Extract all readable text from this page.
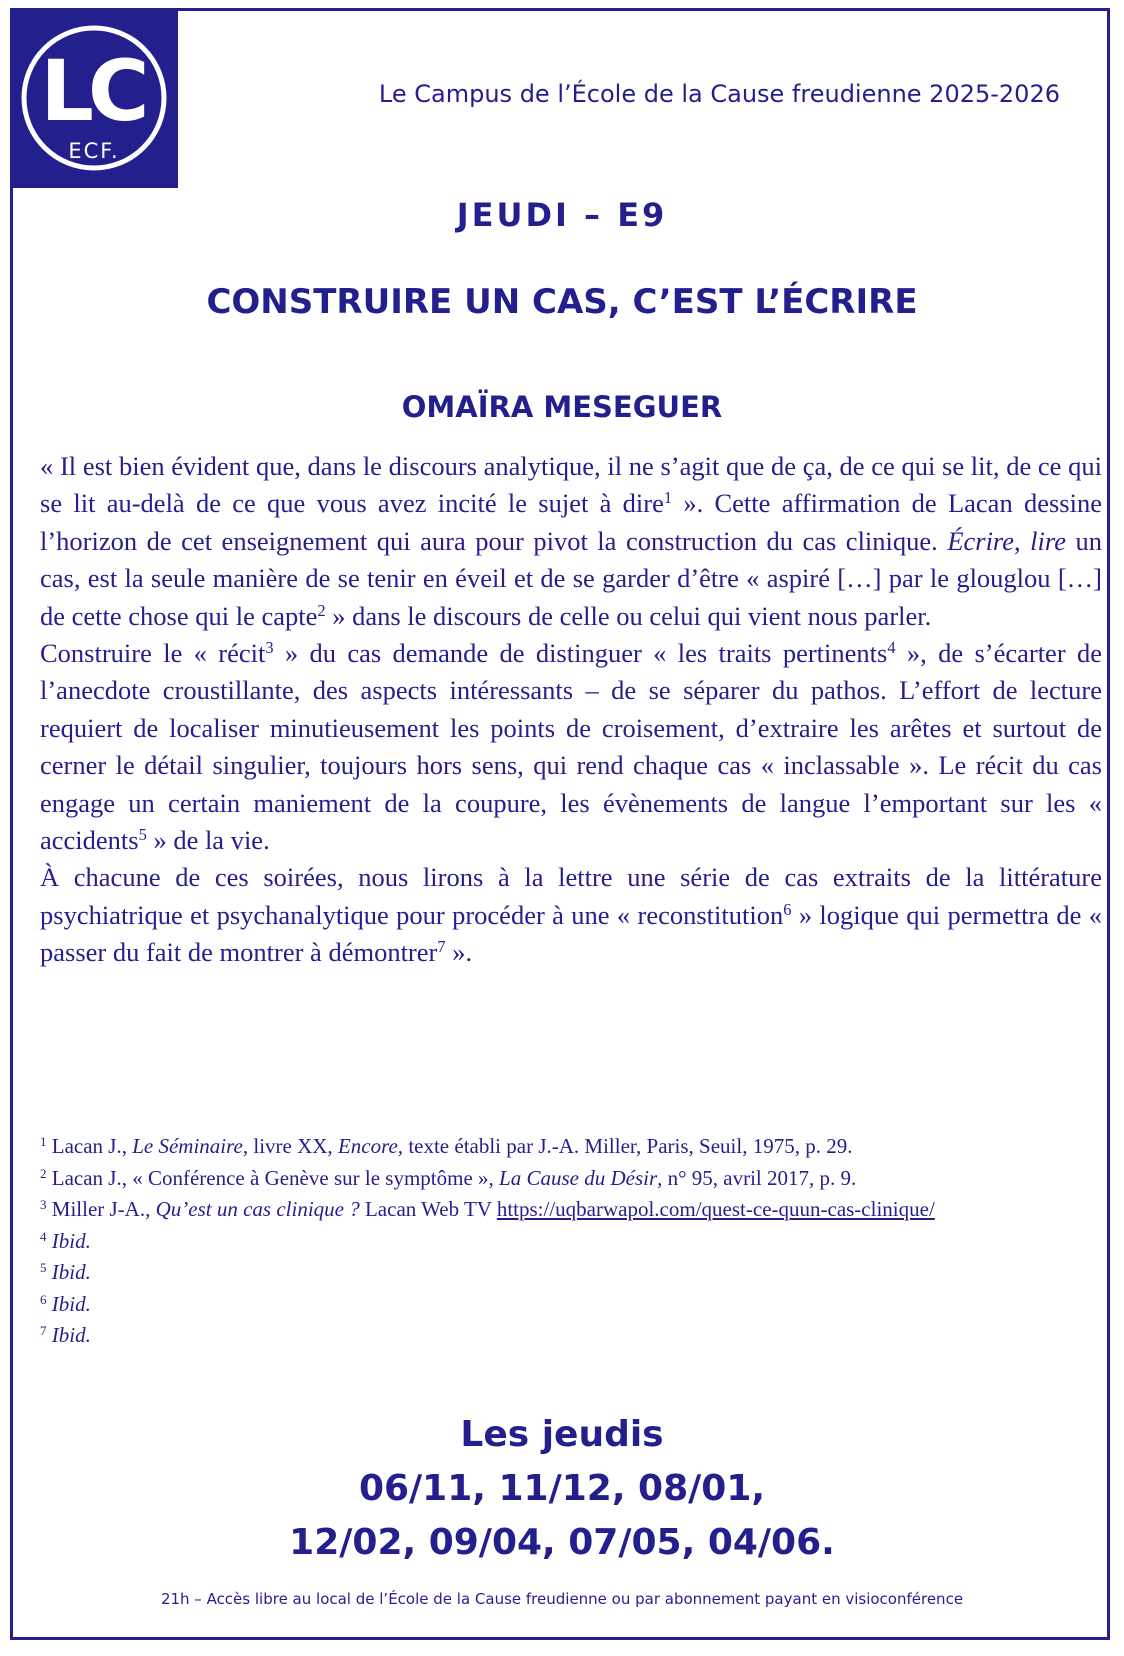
LC
ECF.
Le Campus de l’École de la Cause freudienne 2025-2026
JEUDI – E9
CONSTRUIRE UN CAS, C’EST L’ÉCRIRE
OMAÏRA MESEGUER

« Il est bien évident que, dans le discours analytique, il ne s’agit que de ça, de ce qui se lit, de ce qui se lit au-delà de ce que vous avez incité le sujet à dire$^1$ ». Cette affirmation de Lacan dessine l’horizon de cet enseignement qui aura pour pivot la construction du cas clinique. Écrire, lire un cas, est la seule manière de se tenir en éveil et de se garder d’être « aspiré […] par le glouglou […] de cette chose qui le capte$^2$ » dans le discours de celle ou celui qui vient nous parler.

Construire le « récit$^3$ » du cas demande de distinguer « les traits pertinents$^4$ », de s’écarter de l’anecdote croustillante, des aspects intéressants – de se séparer du pathos. L’effort de lecture requiert de localiser minutieusement les points de croisement, d’extraire les arêtes et surtout de cerner le détail singulier, toujours hors sens, qui rend chaque cas « inclassable ». Le récit du cas engage un certain maniement de la coupure, les évènements de langue l’emportant sur les « accidents$^5$ » de la vie.

À chacune de ces soirées, nous lirons à la lettre une série de cas extraits de la littérature psychiatrique et psychanalytique pour procéder à une « reconstitution$^6$ » logique qui permettra de « passer du fait de montrer à démontrer$^7$ ».

$^1$ Lacan J., Le Séminaire, livre XX, Encore, texte établi par J.-A. Miller, Paris, Seuil, 1975, p. 29.

$^2$ Lacan J., « Conférence à Genève sur le symptôme », La Cause du Désir, n° 95, avril 2017, p. 9.

$^3$ Miller J-A., Qu’est un cas clinique ? Lacan Web TV https://uqbarwapol.com/quest-ce-quun-cas-clinique/

$^4$ Ibid.

$^5$ Ibid.

$^6$ Ibid.

$^7$ Ibid.

Les jeudis
06/11, 11/12, 08/01,
12/02, 09/04, 07/05, 04/06.
21h – Accès libre au local de l’École de la Cause freudienne ou par abonnement payant en visioconférence
